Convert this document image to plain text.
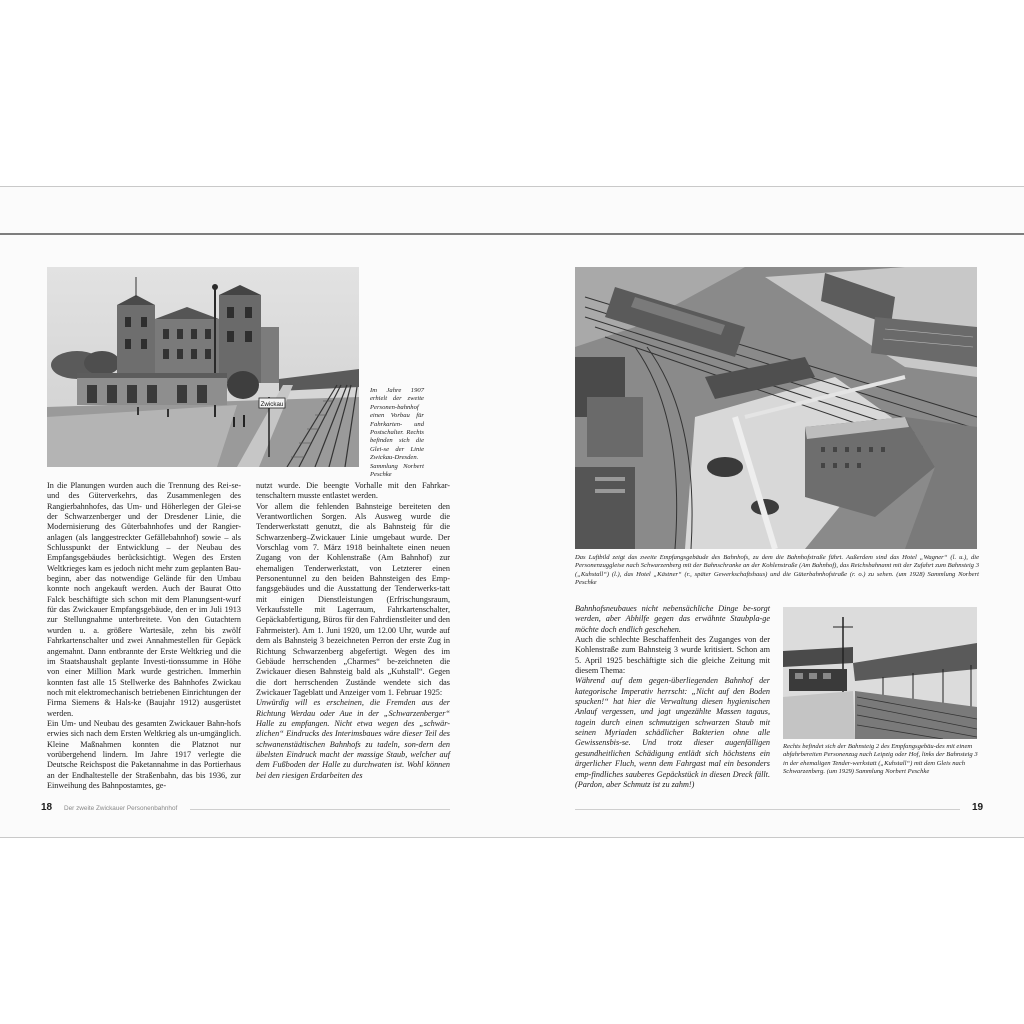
Zwickau
Im Jahre 1907 erhielt der zweite Personen-bahnhof einen Vorbau für Fahrkarten- und Postschalter. Rechts befinden sich die Glei-se der Linie Zwickau-Dresden. Sammlung Norbert Peschke

In die Planungen wurden auch die Trennung des Rei-se- und des Güterverkehrs, das Zusammenlegen des Rangierbahnhofes, das Um- und Höherlegen der Glei-se der Schwarzenberger und der Dresdener Linie, die Modernisierung des Güterbahnhofes und der Rangier-anlagen (als langgestreckter Gefällebahnhof) sowie – als Schlusspunkt der Entwicklung – der Neubau des Empfangsgebäudes berücksichtigt. Wegen des Ersten Weltkrieges kam es jedoch nicht mehr zum geplanten Bau-beginn, aber das notwendige Gelände für den Umbau konnte noch angekauft werden. Auch der Baurat Otto Falck beschäftigte sich schon mit dem Planungsent-wurf für das Zwickauer Empfangsgebäude, den er im Juli 1913 zur Stellungnahme unterbreitete. Von den Gutachtern wurden u. a. größere Wartesäle, zehn bis zwölf Fahrkartenschalter und zwei Annahmestellen für Gepäck angemahnt. Dann entbrannte der Erste Weltkrieg und die im Staatshaushalt geplante Investi-tionssumme in Höhe von einer Million Mark wurde gestrichen. Immerhin konnten fast alle 15 Stellwerke des Bahnhofes Zwickau noch mit elektromechanisch betriebenen Einrichtungen der Firma Siemens & Hals-ke (Baujahr 1912) ausgerüstet werden.

Ein Um- und Neubau des gesamten Zwickauer Bahn-hofs erwies sich nach dem Ersten Weltkrieg als un-umgänglich. Kleine Maßnahmen konnten die Platznot nur vorübergehend lindern. Im Jahre 1917 verlegte die Deutsche Reichspost die Paketannahme in das Portierhaus an der Endhaltestelle der Straßenbahn, das bis 1936, zur Einweihung des Bahnpostamtes, ge-

nutzt wurde. Die beengte Vorhalle mit den Fahrkar-tenschaltern musste entlastet werden.

Vor allem die fehlenden Bahnsteige bereiteten den Verantwortlichen Sorgen. Als Ausweg wurde die Tenderwerkstatt genutzt, die als Bahnsteig für die Schwarzenberg–Zwickauer Linie umgebaut wurde. Der Vorschlag vom 7. März 1918 beinhaltete einen neuen Zugang von der Kohlenstraße (Am Bahnhof) zur ehemaligen Tenderwerkstatt, von Letzterer einen Personentunnel zu den beiden Bahnsteigen des Emp-fangsgebäudes und die Ausstattung der Tenderwerks-tatt mit einigen Dienstleistungen (Erfrischungsraum, Verkaufsstelle mit Lagerraum, Fahrkartenschalter, Gepäckabfertigung, Büros für den Fahrdienstleiter und den Fahrmeister). Am 1. Juni 1920, um 12.00 Uhr, wurde auf dem als Bahnsteig 3 bezeichneten Perron der erste Zug in Richtung Schwarzenberg abgefertigt. Wegen des im Gebäude herrschenden „Charmes“ be-zeichneten die Zwickauer diesen Bahnsteig bald als „Kuhstall“. Gegen die dort herrschenden Zustände wendete sich das Zwickauer Tageblatt und Anzeiger vom 1. Februar 1925:

Unwürdig will es erscheinen, die Fremden aus der Richtung Werdau oder Aue in der „Schwarzenberger“ Halle zu empfangen. Nicht etwa wegen des „schwär-zlichen“ Eindrucks des Interimsbaues wäre dieser Teil des schwanenstädtischen Bahnhofs zu tadeln, son-dern den übelsten Eindruck macht der massige Staub, welcher auf dem Fußboden der Halle zu durchwaten ist. Wohl können bei den riesigen Erdarbeiten des

18 Der zweite Zwickauer Personenbahnhof
Das Luftbild zeigt das zweite Empfangsgebäude des Bahnhofs, zu dem die Bahnhofstraße führt. Außerdem sind das Hotel „Wagner“ (l. u.), die Personenzuggleise nach Schwarzenberg mit der Bahnschranke an der Kohlenstraße (Am Bahnhof), das Reichsbahnamt mit der Zufahrt zum Bahnsteig 3 („Kuhstall“) (l.), das Hotel „Kästner“ (r., später Gewerkschaftshaus) und die Güterbahnhofstraße (r. o.) zu sehen. (um 1928) Sammlung Norbert Peschke

Bahnhofsneubaues nicht nebensächliche Dinge be-sorgt werden, aber Abhilfe gegen das erwähnte Staubpla-ge möchte doch endlich geschehen.

Auch die schlechte Beschaffenheit des Zuganges von der Kohlenstraße zum Bahnsteig 3 wurde kritisiert. Schon am 5. April 1925 beschäftigte sich die gleiche Zeitung mit diesem Thema:

Während auf dem gegen-überliegenden Bahnhof der kategorische Imperativ herrscht: „Nicht auf den Boden spucken!“ hat hier die Verwaltung diesen hygienischen Anlauf vergessen, und jagt ungezählte Massen tagaus, tagein durch einen schmutzigen schwarzen Staub mit seinen Myriaden schädlicher Bakterien ohne alle Gewissensbis-se. Und trotz dieser augenfälligen gesundheitlichen Schädigung entlädt sich höchstens ein ärgerlicher Fluch, wenn dem Fahrgast mal ein besonders emp-findliches sauberes Gepäckstück in diesen Dreck fällt. (Pardon, aber Schmutz ist zu zahm!)

Rechts befindet sich der Bahnsteig 2 des Empfangsgebäu-des mit einem abfahrbereiten Personenzug nach Leipzig oder Hof, links der Bahnsteig 3 in der ehemaligen Tender-werkstatt („Kuhstall“) mit dem Gleis nach Schwarzenberg. (um 1929) Sammlung Norbert Peschke
19
